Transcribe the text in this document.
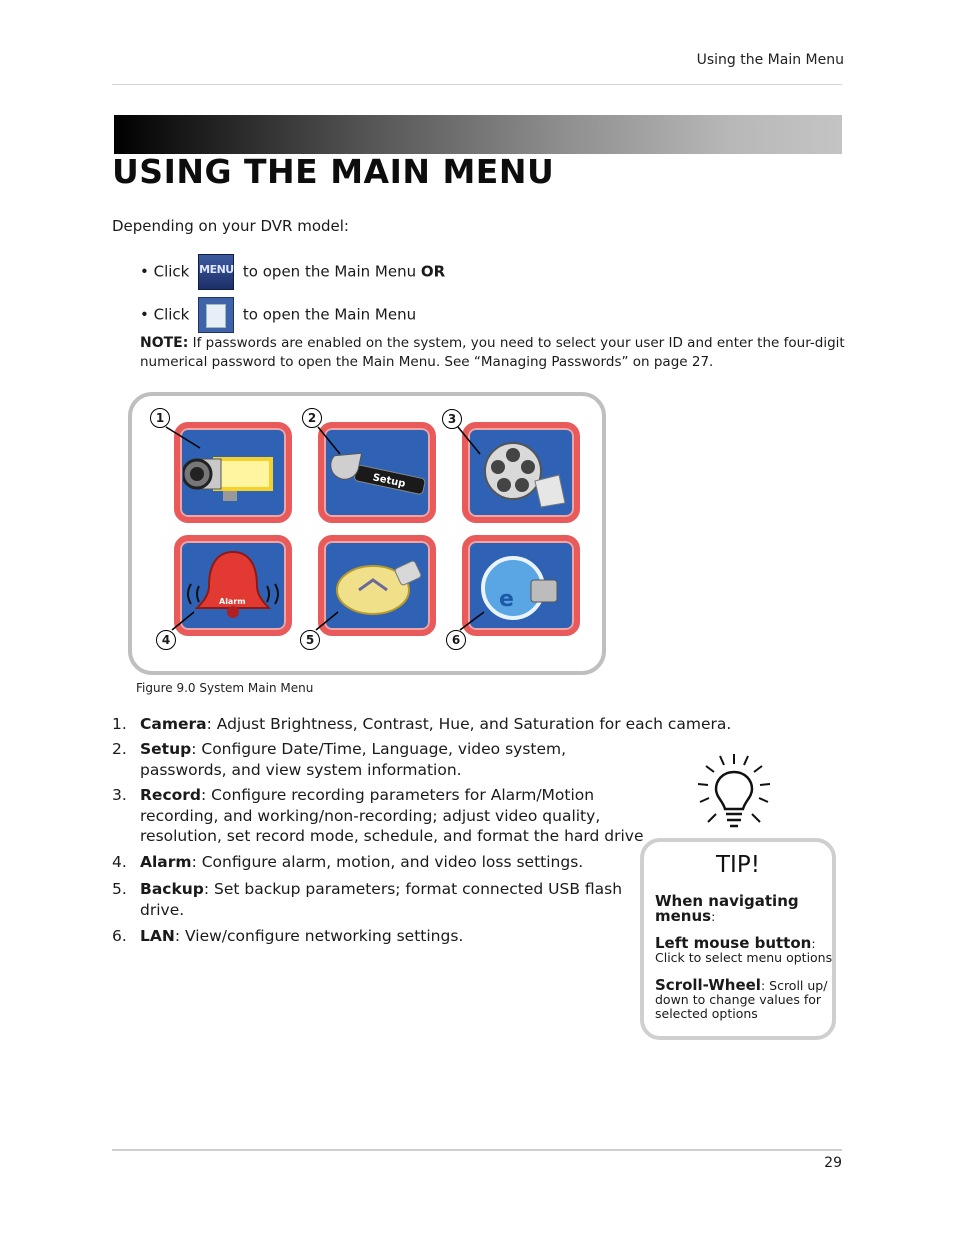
Using the Main Menu
USING THE MAIN MENU
Depending on your DVR model:
• Click MENU to open the Main Menu OR
• Click	to open the Main Menu
NOTE: If passwords are enabled on the system, you need to select your user ID and enter the four-digit numerical password to open the Main Menu. See “Managing Passwords” on page 27.
Setup
Alarm	e
1	2	3
4	5	6
Figure 9.0 System Main Menu
1. Camera: Adjust Brightness, Contrast, Hue, and Saturation for each camera.
2. Setup: Configure Date/Time, Language, video system,
passwords, and view system information.
3. Record: Configure recording parameters for Alarm/Motion
recording, and working/non-recording; adjust video quality,
resolution, set record mode, schedule, and format the hard drive
4. Alarm: Configure alarm, motion, and video loss settings.
5. Backup: Set backup parameters; format connected USB flash
drive.
6. LAN: View/configure networking settings.
TIP!
When navigating
menus:
Left mouse button:
Click to select menu options
Scroll-Wheel: Scroll up/
down to change values for
selected options
29
